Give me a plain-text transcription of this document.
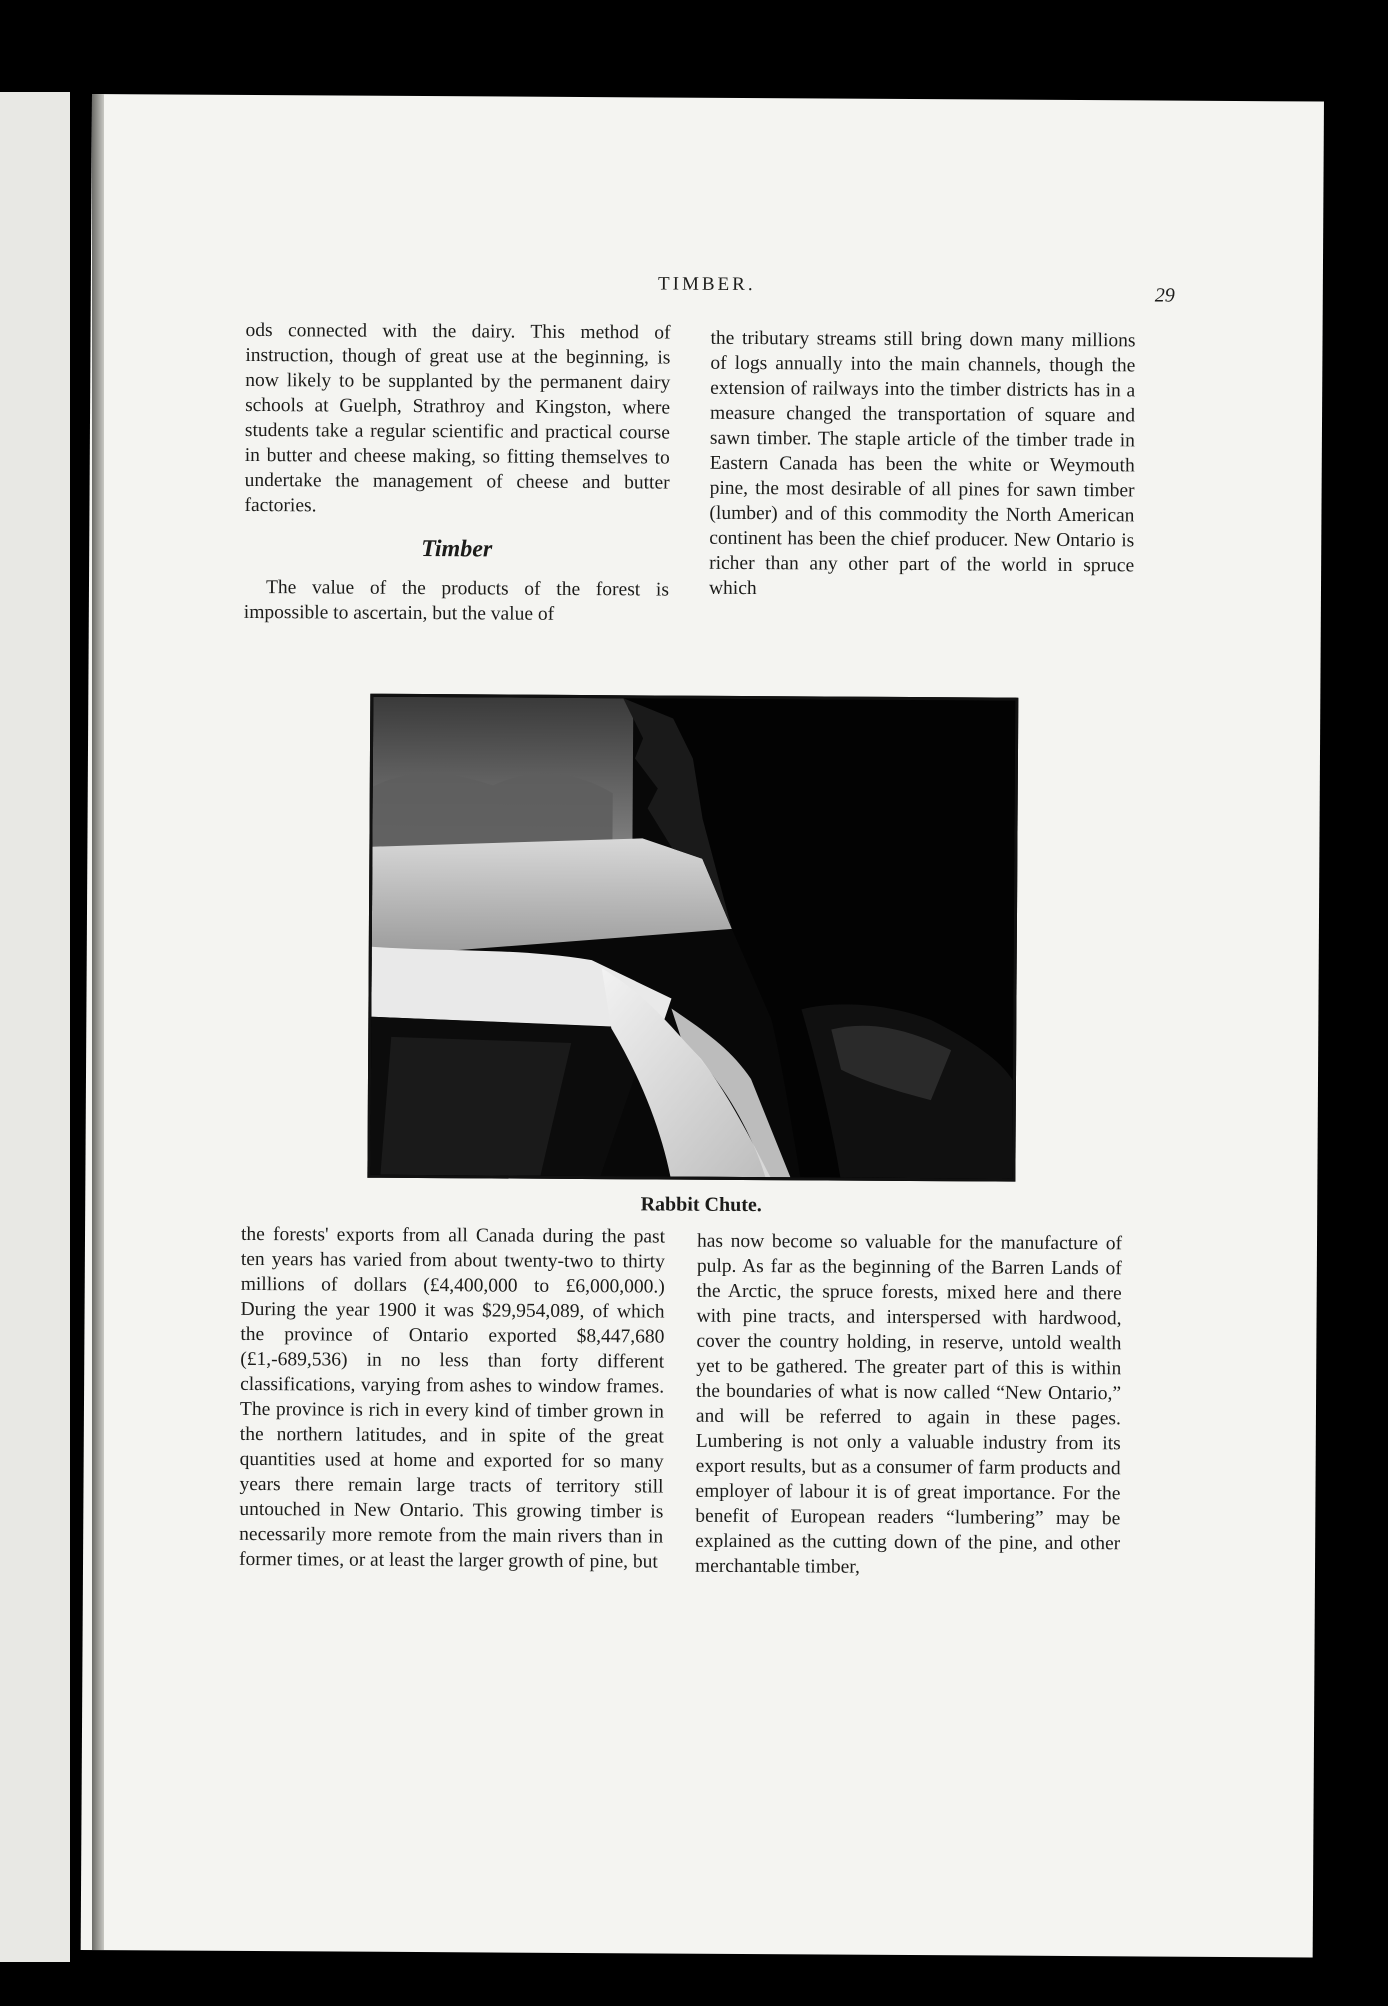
TIMBER.
29

ods connected with the dairy. This method of instruction, though of great use at the beginning, is now likely to be supplanted by the permanent dairy schools at Guelph, Strathroy and Kingston, where students take a regular scientific and practical course in butter and cheese making, so fitting themselves to undertake the management of cheese and butter factories.

Timber

The value of the products of the forest is impossible to ascertain, but the value of

the tributary streams still bring down many millions of logs annually into the main channels, though the extension of railways into the timber districts has in a measure changed the transportation of square and sawn timber. The staple article of the timber trade in Eastern Canada has been the white or Weymouth pine, the most desirable of all pines for sawn timber (lumber) and of this commodity the North American continent has been the chief producer. New Ontario is richer than any other part of the world in spruce which

Rabbit Chute.

the forests' exports from all Canada during the past ten years has varied from about twenty-two to thirty millions of dollars (£4,400,000 to £6,000,000.) During the year 1900 it was $29,954,089, of which the province of Ontario exported $8,447,680 (£1,-689,536) in no less than forty different classifications, varying from ashes to window frames. The province is rich in every kind of timber grown in the northern latitudes, and in spite of the great quantities used at home and exported for so many years there remain large tracts of territory still untouched in New Ontario. This growing timber is necessarily more remote from the main rivers than in former times, or at least the larger growth of pine, but

has now become so valuable for the manufacture of pulp. As far as the beginning of the Barren Lands of the Arctic, the spruce forests, mixed here and there with pine tracts, and interspersed with hardwood, cover the country holding, in reserve, untold wealth yet to be gathered. The greater part of this is within the boundaries of what is now called “New Ontario,” and will be referred to again in these pages. Lumbering is not only a valuable industry from its export results, but as a consumer of farm products and employer of labour it is of great importance. For the benefit of European readers “lumbering” may be explained as the cutting down of the pine, and other merchantable timber,
